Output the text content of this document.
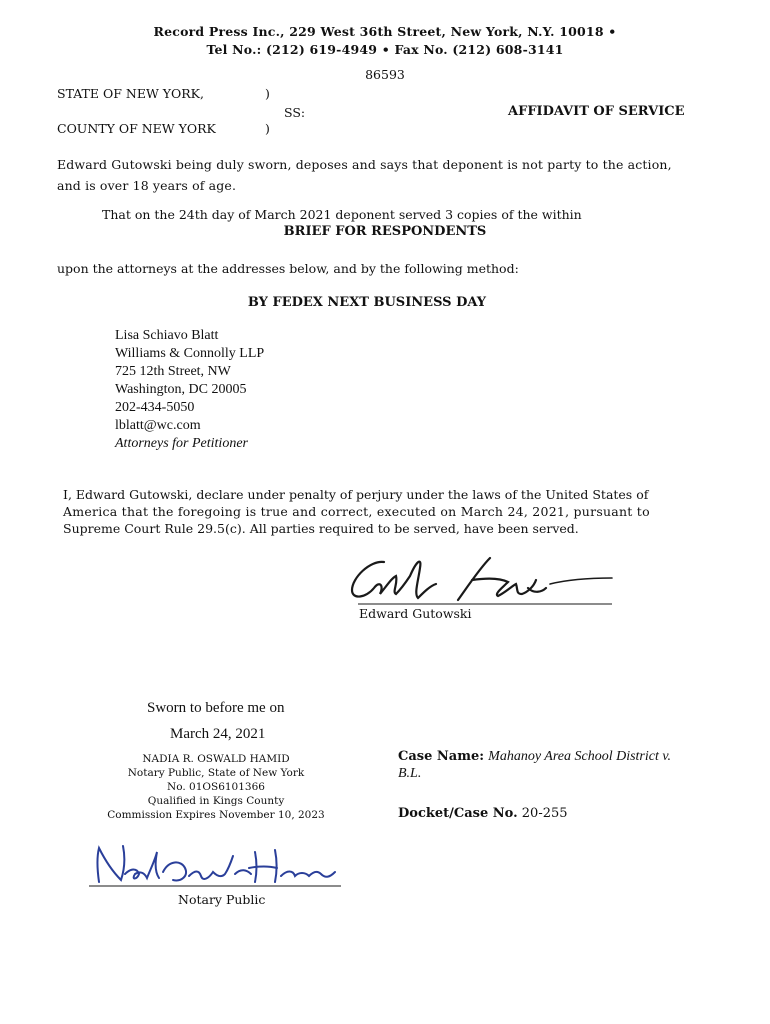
Record Press Inc., 229 West 36th Street, New York, N.Y. 10018 •
Tel No.: (212) 619-4949 • Fax No. (212) 608-3141
86593
STATE OF NEW YORK,	)
SS:	AFFIDAVIT OF SERVICE
COUNTY OF NEW YORK	)
Edward Gutowski being duly sworn, deposes and says that deponent is not party to the action,
and is over 18 years of age.
That on the 24th day of March 2021 deponent served 3 copies of the within
BRIEF FOR RESPONDENTS
upon the attorneys at the addresses below, and by the following method:
BY FEDEX NEXT BUSINESS DAY
Lisa Schiavo Blatt
Williams & Connolly LLP
725 12th Street, NW
Washington, DC 20005
202-434-5050
lblatt@wc.com
Attorneys for Petitioner
I, Edward Gutowski, declare under penalty of perjury under the laws of the United States of
America that the foregoing is true and correct, executed on March 24, 2021, pursuant to
Supreme Court Rule 29.5(c). All parties required to be served, have been served.
Edward Gutowski
Sworn to before me on
March 24, 2021
NADIA R. OSWALD HAMID
Notary Public, State of New York
No. 01OS6101366
Qualified in Kings County
Commission Expires November 10, 2023
Notary Public
Case Name: Mahanoy Area School District v.
B.L.
Docket/Case No. 20-255
